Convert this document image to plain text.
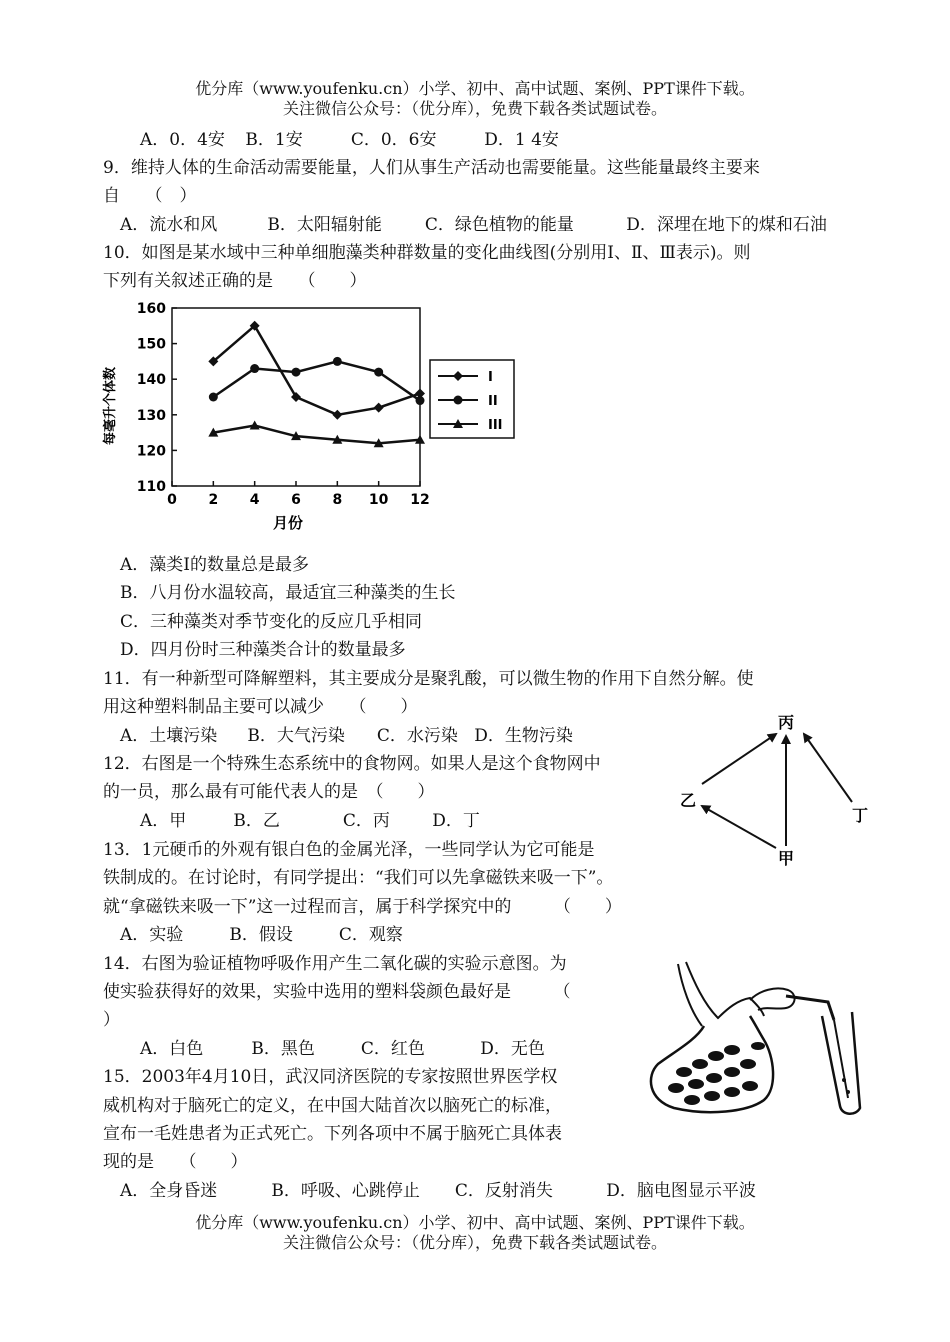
优分库（www.youfenku.cn）小学、初中、高中试题、案例、PPT课件下载。
关注微信公众号：（优分库），免费下载各类试题试卷。
A．0．4安 B．1安	C．0．6安	D．1 4安
9．维持人体的生命活动需要能量，人们从事生产活动也需要能量。这些能量最终主要来
自　　（　）
A．流水和风	B．太阳辐射能	C．绿色植物的能量	D．深埋在地下的煤和石油
10．如图是某水域中三种单细胞藻类种群数量的变化曲线图(分别用Ⅰ、Ⅱ、Ⅲ表示)。则
下列有关叙述正确的是　　（　　）
每毫升个体数
月份
110
120
130
140
150
160
0 2 4 6 8 10 12
I
II
III
A．藻类Ⅰ的数量总是最多
B．八月份水温较高，最适宜三种藻类的生长
C．三种藻类对季节变化的反应几乎相同
D．四月份时三种藻类合计的数量最多
11．有一种新型可降解塑料，其主要成分是聚乳酸，可以微生物的作用下自然分解。使
用这种塑料制品主要可以减少　　（　　）
A．土壤污染 B．大气污染 C．水污染 D．生物污染
12．右图是一个特殊生态系统中的食物网。如果人是这个食物网中
的一员，那么最有可能代表人的是　（　　）
A．甲	B．乙	C．丙 D．丁
丙
乙
丁
甲
13．1元硬币的外观有银白色的金属光泽，一些同学认为它可能是
铁制成的。在讨论时，有同学提出：“我们可以先拿磁铁来吸一下”。
就“拿磁铁来吸一下”这一过程而言，属于科学探究中的　　　（　　）
A．实验	B．假设	C．观察
14．右图为验证植物呼吸作用产生二氧化碳的实验示意图。为
使实验获得好的效果，实验中选用的塑料袋颜色最好是　　　（
）
A．白色	B．黑色	C．红色	D．无色
15．2003年4月10日，武汉同济医院的专家按照世界医学权
威机构对于脑死亡的定义，在中国大陆首次以脑死亡的标准，
宣布一毛姓患者为正式死亡。下列各项中不属于脑死亡具体表
现的是　　（　　）
A．全身昏迷	B．呼吸、心跳停止 C．反射消失	D．脑电图显示平波
优分库（www.youfenku.cn）小学、初中、高中试题、案例、PPT课件下载。
关注微信公众号：（优分库），免费下载各类试题试卷。
